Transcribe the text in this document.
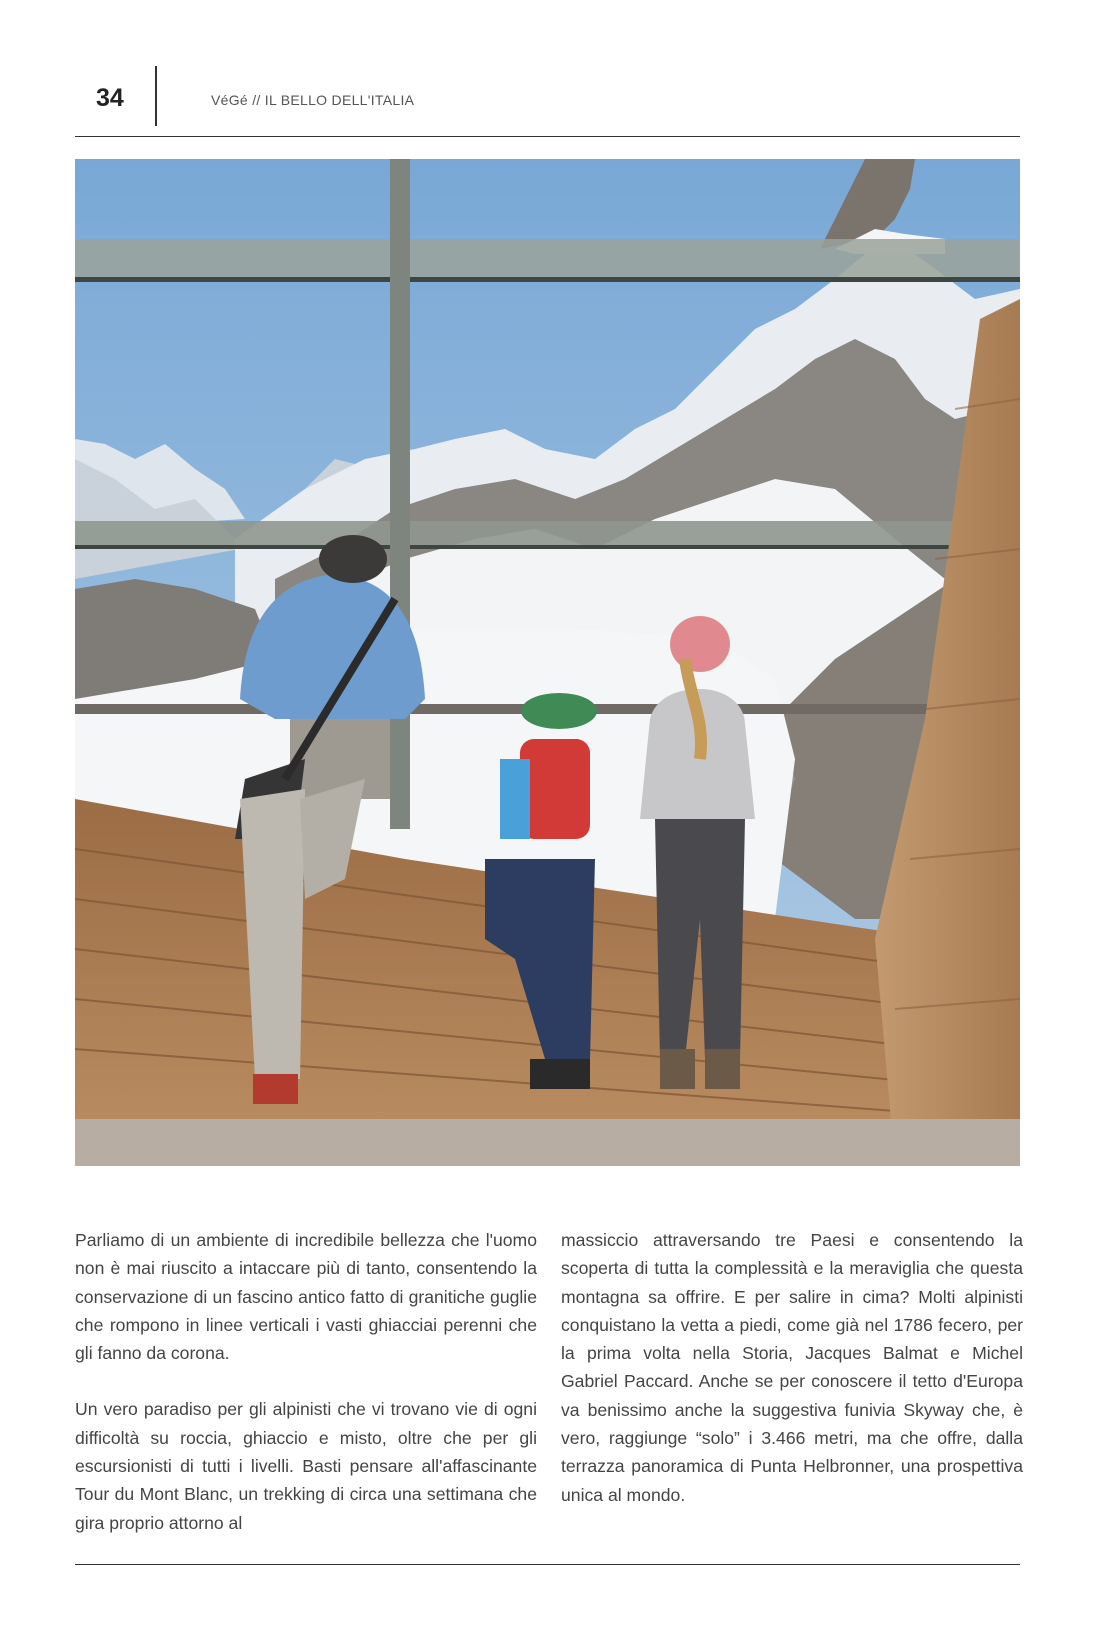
34	VéGé // IL BELLO DELL'ITALIA

Parliamo di un ambiente di incredibile bellezza che l'uomo non è mai riuscito a intaccare più di tanto, consentendo la conservazione di un fascino antico fatto di granitiche guglie che rompono in linee verticali i vasti ghiacciai perenni che gli fanno da corona.

Un vero paradiso per gli alpinisti che vi trovano vie di ogni difficoltà su roccia, ghiaccio e misto, oltre che per gli escursionisti di tutti i livelli. Basti pensare all'affascinante Tour du Mont Blanc, un trekking di circa una settimana che gira proprio attorno al

massiccio attraversando tre Paesi e consentendo la scoperta di tutta la complessità e la meraviglia che questa montagna sa offrire. E per salire in cima? Molti alpinisti conquistano la vetta a piedi, come già nel 1786 fecero, per la prima volta nella Storia, Jacques Balmat e Michel Gabriel Paccard. Anche se per conoscere il tetto d'Europa va benissimo anche la suggestiva funivia Skyway che, è vero, raggiunge “solo” i 3.466 metri, ma che offre, dalla terrazza panoramica di Punta Helbronner, una prospettiva unica al mondo.
